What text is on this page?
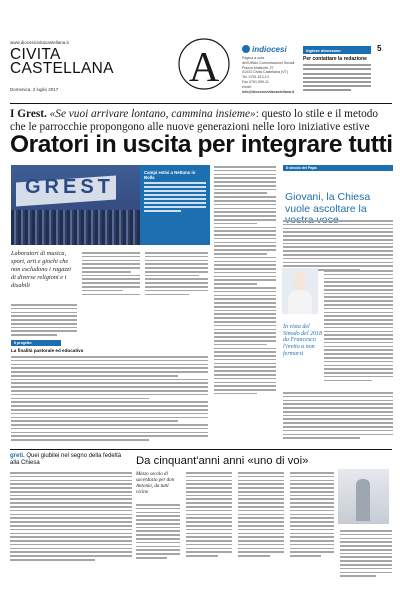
www.diocesicivitacastellana.it
CIVITA
CASTELLANA
Domenica, 2 luglio 2017	A	indiocesi
Pagina a cura
dell'Ufficio Comunicazioni Sociali
Piazza Matteotti, 27
01033 Civita Castellana (VT)
Tel. 0761.513-14
Fax 0761.599-11
email:
info@diocesicivitacastellana.it
Inglese diocesano
Per contattare la redazione
5
I Grest. «Se vuoi arrivare lontano, cammina insieme»: questo lo stile e il metodo che le parrocchie propongono alle nuove generazioni nelle loro iniziative estive
Oratori in uscita per integrare tutti
GREST
Campi estivi a Nettuno in Bolla
Laboratori di musica, sport, arti e giochi che non escludono i ragazzi di diverse religioni e i disabili
Il progetto
La finalità pastorale ed educativa
Il sinodo del Papa
Giovani, la Chiesa vuole ascoltare la
In vista del Sinodo del 2018 da Francesco l'invito a non fermarsi
greti. Quei giubilei nel segno della fedeltà alla Chiesa	Da cinquant'anni anni «uno di voi»
Mezzo secolo di sacerdozio per don Antonio, da tutti vicino
